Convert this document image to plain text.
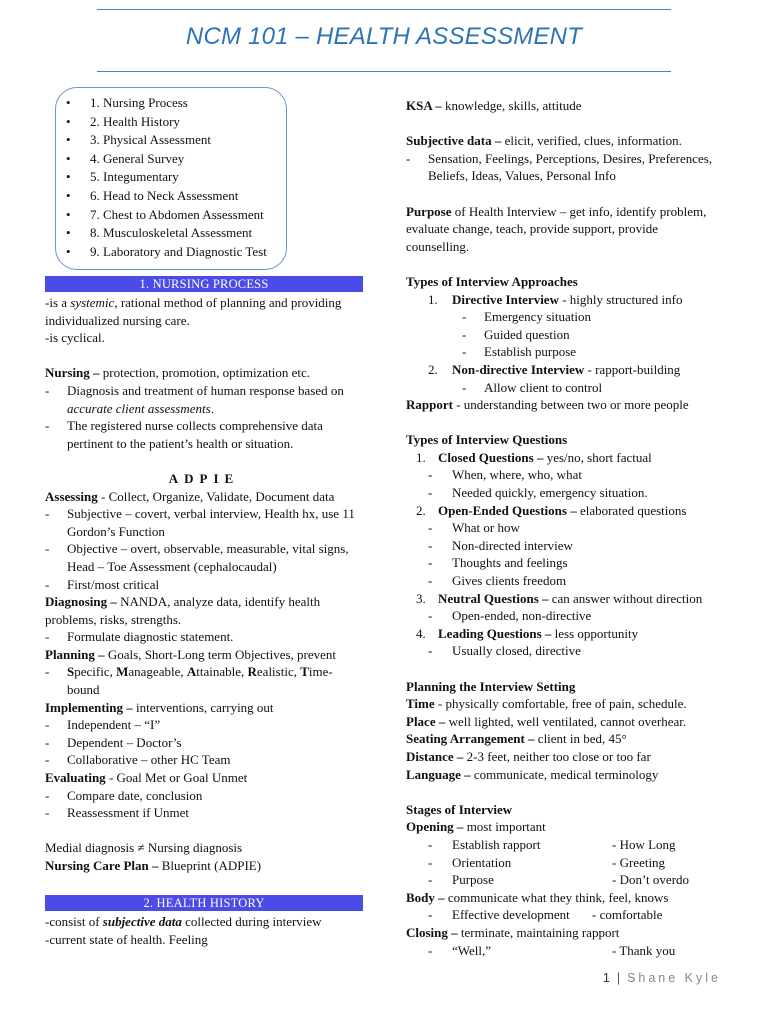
NCM 101 – HEALTH ASSESSMENT
• 1. Nursing Process
• 2. Health History
• 3. Physical Assessment
• 4. General Survey
• 5. Integumentary
• 6. Head to Neck Assessment
• 7. Chest to Abdomen Assessment
• 8. Musculoskeletal Assessment
• 9. Laboratory and Diagnostic Test
1. NURSING PROCESS

-is a systemic, rational method of planning and providing individualized nursing care.

-is cyclical.

Nursing – protection, promotion, optimization etc.

- Diagnosis and treatment of human response based on accurate client assessments.

- The registered nurse collects comprehensive data pertinent to the patient’s health or situation.

ADPIE

Assessing - Collect, Organize, Validate, Document data

- Subjective – covert, verbal interview, Health hx, use 11 Gordon’s Function

- Objective – overt, observable, measurable, vital signs, Head – Toe Assessment (cephalocaudal)

- First/most critical

Diagnosing – NANDA, analyze data, identify health problems, risks, strengths.

- Formulate diagnostic statement.

Planning – Goals, Short-Long term Objectives, prevent

- Specific, Manageable, Attainable, Realistic, Time-bound

Implementing – interventions, carrying out

- Independent – “I”

- Dependent – Doctor’s

- Collaborative – other HC Team

Evaluating - Goal Met or Goal Unmet

- Compare date, conclusion

- Reassessment if Unmet

Medial diagnosis ≠ Nursing diagnosis

Nursing Care Plan – Blueprint (ADPIE)

2. HEALTH HISTORY

-consist of subjective data collected during interview

-current state of health. Feeling

KSA – knowledge, skills, attitude

Subjective data – elicit, verified, clues, information.

- Sensation, Feelings, Perceptions, Desires, Preferences, Beliefs, Ideas, Values, Personal Info

Purpose of Health Interview – get info, identify problem, evaluate change, teach, provide support, provide counselling.

Types of Interview Approaches

1. Directive Interview - highly structured info

- Emergency situation

- Guided question

- Establish purpose

2. Non-directive Interview - rapport-building

- Allow client to control

Rapport - understanding between two or more people

Types of Interview Questions

1. Closed Questions – yes/no, short factual

- When, where, who, what

- Needed quickly, emergency situation.

2. Open-Ended Questions – elaborated questions

- What or how

- Non-directed interview

- Thoughts and feelings

- Gives clients freedom

3. Neutral Questions – can answer without direction

- Open-ended, non-directive

4. Leading Questions – less opportunity

- Usually closed, directive

Planning the Interview Setting

Time - physically comfortable, free of pain, schedule.

Place – well lighted, well ventilated, cannot overhear.

Seating Arrangement – client in bed, 45°

Distance – 2-3 feet, neither too close or too far

Language – communicate, medical terminology

Stages of Interview

Opening – most important

- Establish rapport	- How Long
- Orientation	- Greeting
- Purpose	- Don’t overdo

Body – communicate what they think, feel, knows

- Effective development	- comfortable

Closing – terminate, maintaining rapport

- “Well,”	- Thank you
1 | Shane Kyle
